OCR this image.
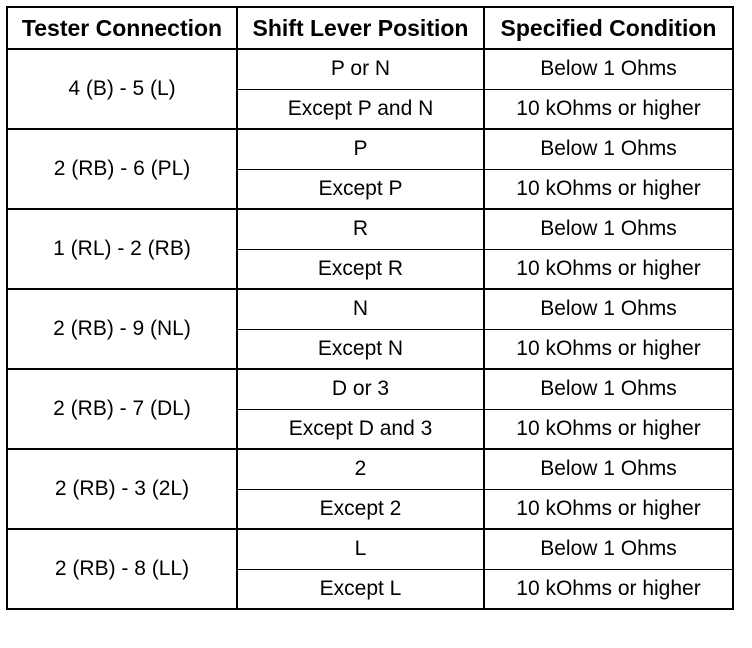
Tester Connection	Shift Lever Position	Specified Condition
4 (B) - 5 (L)	P or N	Below 1 Ohms
	Except P and N	10 kOhms or higher
2 (RB) - 6 (PL)	P	Below 1 Ohms
	Except P	10 kOhms or higher
1 (RL) - 2 (RB)	R	Below 1 Ohms
	Except R	10 kOhms or higher
2 (RB) - 9 (NL)	N	Below 1 Ohms
	Except N	10 kOhms or higher
2 (RB) - 7 (DL)	D or 3	Below 1 Ohms
	Except D and 3	10 kOhms or higher
2 (RB) - 3 (2L)	2	Below 1 Ohms
	Except 2	10 kOhms or higher
2 (RB) - 8 (LL)	L	Below 1 Ohms
	Except L	10 kOhms or higher
